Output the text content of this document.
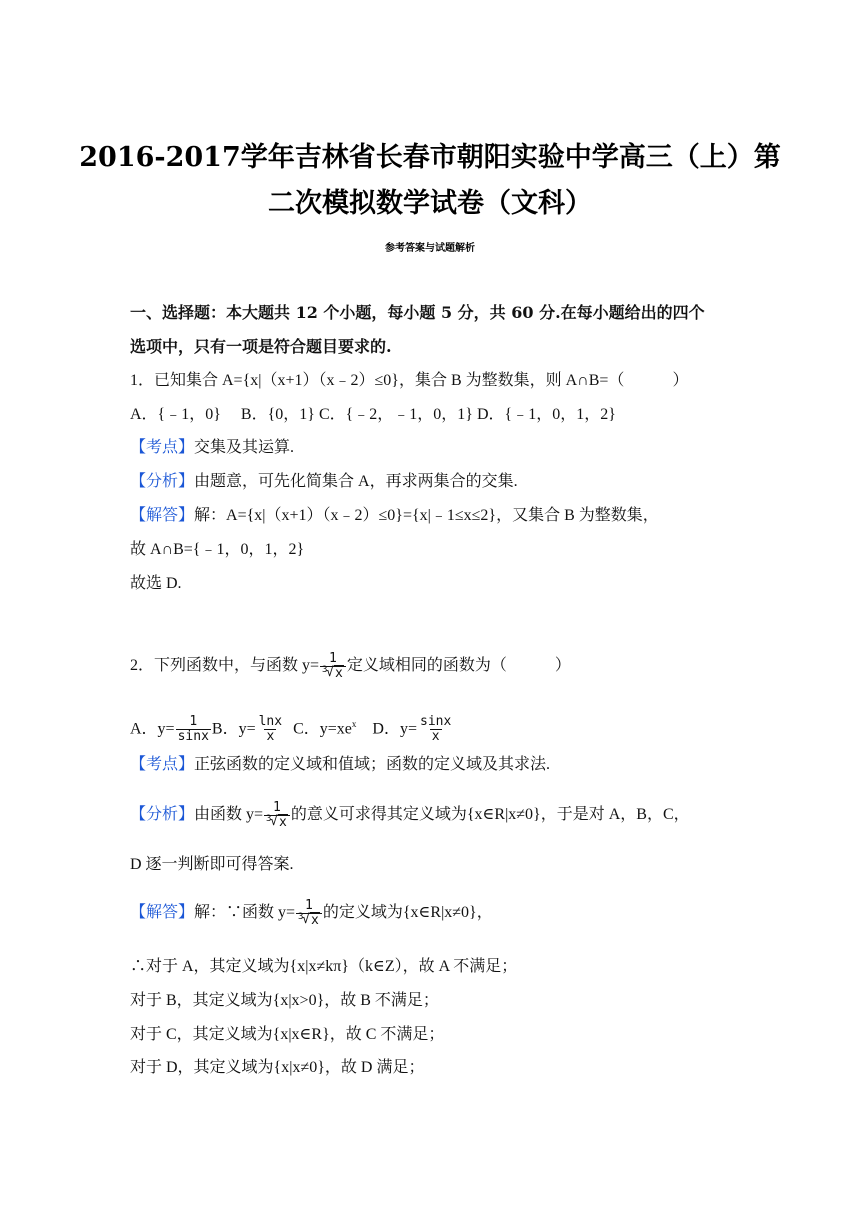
2016-2017学年吉林省长春市朝阳实验中学高三（上）第
二次模拟数学试卷（文科）
参考答案与试题解析
一、选择题：本大题共 12 个小题，每小题 5 分，共 60 分.在每小题给出的四个
选项中，只有一项是符合题目要求的.
1．已知集合 A={x|（x+1）（x﹣2）≤0}，集合 B 为整数集，则 A∩B=（	）
A．{﹣1，0}　 B．{0，1} C．{﹣2，﹣1，0，1} D．{﹣1，0，1，2}
【考点】交集及其运算.
【分析】由题意，可先化简集合 A，再求两集合的交集.
【解答】解：A={x|（x+1）（x﹣2）≤0}={x|﹣1≤x≤2}，又集合 B 为整数集，
故 A∩B={﹣1，0，1，2}
故选 D.
2．下列函数中，与函数 y= 1
3
√ x 定义域相同的函数为（	）
A．$y= \frac{1}{\sin x}$ B．$y= \frac{\ln x}{x}$ C．$y=xe^x$ D．$y= \frac{\sin x}{x}$
【考点】正弦函数的定义域和值域；函数的定义域及其求法.
【分析】由函数 y= 1
3
√ x 的意义可求得其定义域为{x∈R|x≠0}，于是对 A，B，C，
D 逐一判断即可得答案.
【解答】解：∵函数 y= 1
3
√ x 的定义域为{x∈R|x≠0}，
∴对于 A，其定义域为{x|x≠kπ}（k∈Z），故 A 不满足；
对于 B，其定义域为{x|x>0}，故 B 不满足；
对于 C，其定义域为{x|x∈R}，故 C 不满足；
对于 D，其定义域为{x|x≠0}，故 D 满足；
